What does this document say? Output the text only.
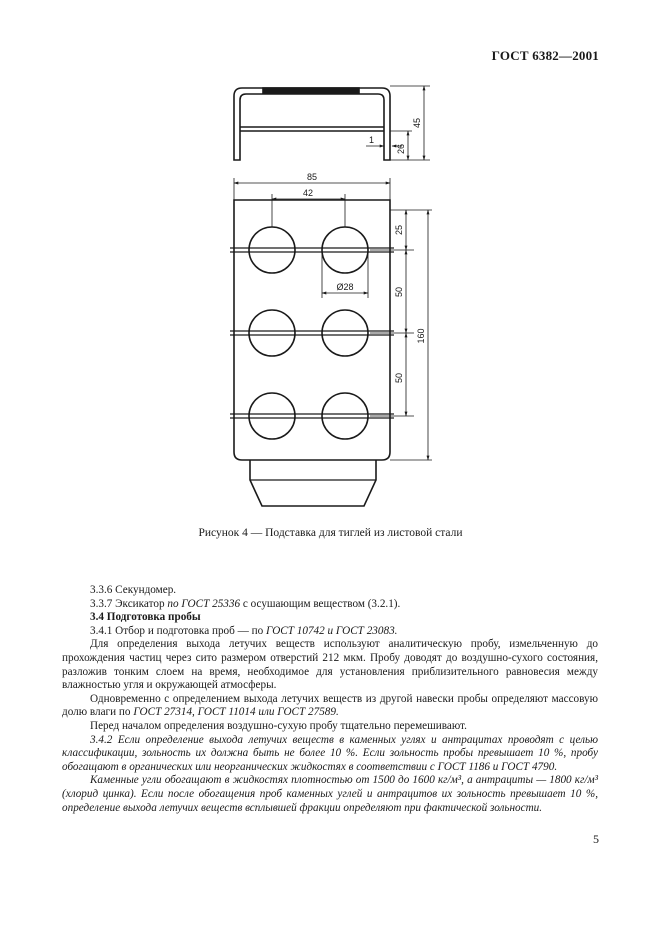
ГОСТ 6382—2001
1
26
45
85
42
Ø28
25
50
50
160
Рисунок 4 — Подставка для тиглей из листовой стали

3.3.6 Секундомер.

3.3.7 Эксикатор по ГОСТ 25336 с осушающим веществом (3.2.1).

3.4 Подготовка пробы

3.4.1 Отбор и подготовка проб — по ГОСТ 10742 и ГОСТ 23083.

Для определения выхода летучих веществ используют аналитическую пробу, измельченную до прохождения частиц через сито размером отверстий 212 мкм. Пробу доводят до воздушно-сухого состояния, разложив тонким слоем на время, необходимое для установления приблизительного равновесия между влажностью угля и окружающей атмосферы.

Одновременно с определением выхода летучих веществ из другой навески пробы определяют массовую долю влаги по ГОСТ 27314, ГОСТ 11014 или ГОСТ 27589.

Перед началом определения воздушно-сухую пробу тщательно перемешивают.

3.4.2 Если определение выхода летучих веществ в каменных углях и антрацитах проводят с целью классификации, зольность их должна быть не более 10 %. Если зольность пробы превышает 10 %, пробу обогащают в органических или неорганических жидкостях в соответствии с ГОСТ 1186 и ГОСТ 4790.

Каменные угли обогащают в жидкостях плотностью от 1500 до 1600 кг/м³, а антрациты — 1800 кг/м³ (хлорид цинка). Если после обогащения проб каменных углей и антрацитов их зольность превышает 10 %, определение выхода летучих веществ всплывшей фракции определяют при фактической зольности.

5
